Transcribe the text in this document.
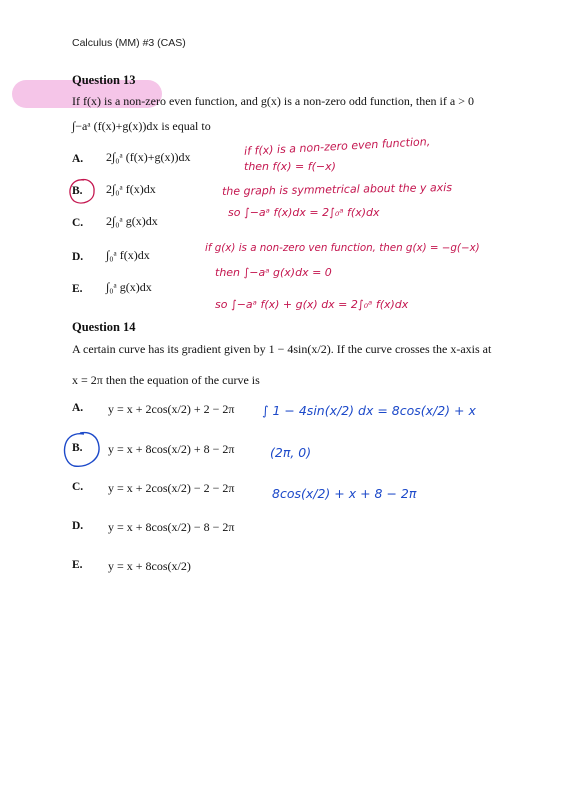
Calculus (MM) #3 (CAS)
Question 13
If f(x) is a non-zero even function, and g(x) is a non-zero odd function, then if a > 0
∫−aᵃ (f(x)+g(x))dx is equal to
A. 2∫₀ᵃ (f(x)+g(x))dx
B. 2∫₀ᵃ f(x)dx
C. 2∫₀ᵃ g(x)dx
D. ∫₀ᵃ f(x)dx
E. ∫₀ᵃ g(x)dx
if f(x) is a non-zero even function,
then f(x) = f(−x)
the graph is symmetrical about the y axis
so ∫−aᵃ f(x)dx = 2∫₀ᵃ f(x)dx
if g(x) is a non-zero ven function, then g(x) = −g(−x)
then ∫−aᵃ g(x)dx = 0
so ∫−aᵃ f(x) + g(x) dx = 2∫₀ᵃ f(x)dx
Question 14
A certain curve has its gradient given by 1 − 4sin(x/2). If the curve crosses the x-axis at
x = 2π then the equation of the curve is
A. y = x + 2cos(x/2) + 2 − 2π
B. y = x + 8cos(x/2) + 8 − 2π
C. y = x + 2cos(x/2) − 2 − 2π
D. y = x + 8cos(x/2) − 8 − 2π
E. y = x + 8cos(x/2)
∫ 1 − 4sin(x/2) dx = 8cos(x/2) + x
(2π, 0)
8cos(x/2) + x + 8 − 2π
